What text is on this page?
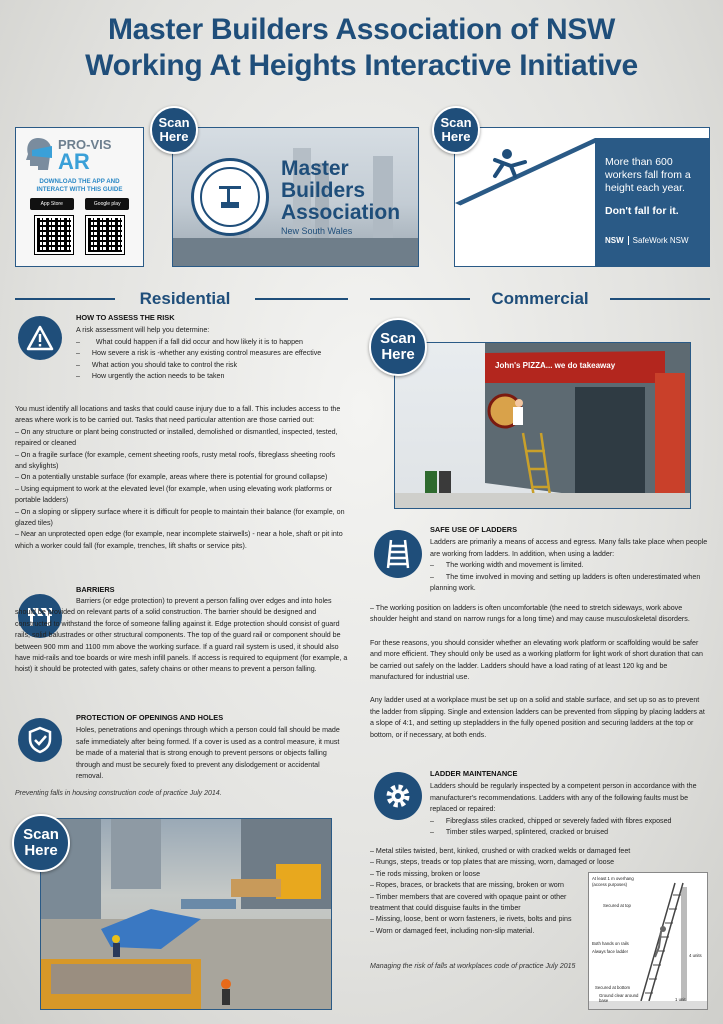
Master Builders Association of NSW
Working At Heights Interactive Initiative
PRO-VIS
AR
DOWNLOAD THE APP AND INTERACT WITH THIS GUIDE
App Store	Google play
Scan Here
Master
Builders
Association
New South Wales
Scan Here
More than 600 workers fall from a height each year.
Don't fall for it.
NSW	SafeWork NSW
Residential	Commercial
HOW TO ASSESS THE RISK

A risk assessment will help you determine:

– What could happen if a fall did occur and how likely it is to happen

– How severe a risk is -whether any existing control measures are effective

– What action you should take to control the risk

– How urgently the action needs to be taken

You must identify all locations and tasks that could cause injury due to a fall. This includes access to the areas where work is to be carried out. Tasks that need particular attention are those carried out:

– On any structure or plant being constructed or installed, demolished or dismantled, inspected, tested, repaired or cleaned

– On a fragile surface (for example, cement sheeting roofs, rusty metal roofs, fibreglass sheeting roofs and skylights)

– On a potentially unstable surface (for example, areas where there is potential for ground collapse)

– Using equipment to work at the elevated level (for example, when using elevating work platforms or portable ladders)

– On a sloping or slippery surface where it is difficult for people to maintain their balance (for example, on glazed tiles)

– Near an unprotected open edge (for example, near incomplete stairwells) - near a hole, shaft or pit into which a worker could fall (for example, trenches, lift shafts or service pits).

BARRIERS
Barriers (or edge protection) to prevent a person falling over edges and into holes should be provided on relevant parts of a solid construction. The barrier should be designed and constructed to withstand the force of someone falling against it. Edge protection should consist of guard rails, solid balustrades or other structural components. The top of the guard rail or component should be between 900 mm and 1100 mm above the working surface. If a guard rail system is used, it should also have mid-rails and toe boards or wire mesh infill panels. If access is required to equipment (for example, a hoist) it should be protected with gates, safety chains or other means to prevent a person falling.
PROTECTION OF OPENINGS AND HOLES

Holes, penetrations and openings through which a person could fall should be made safe immediately after being formed. If a cover is used as a control measure, it must be made of a material that is strong enough to prevent persons or objects falling through and must be securely fixed to prevent any dislodgement or accidental removal.

Preventing falls in housing construction code of practice July 2014.
Scan Here
Scan Here
John's PIZZA... we do takeaway
SAFE USE OF LADDERS

Ladders are primarily a means of access and egress. Many falls take place when people are working from ladders. In addition, when using a ladder:

– The working width and movement is limited.

– The time involved in moving and setting up ladders is often underestimated when planning work.

– The working position on ladders is often uncomfortable (the need to stretch sideways, work above shoulder height and stand on narrow rungs for a long time) and may cause musculoskeletal disorders.

For these reasons, you should consider whether an elevating work platform or scaffolding would be safer and more efficient. They should only be used as a working platform for light work of short duration that can be carried out safely on the ladder. Ladders should have a load rating of at least 120 kg and be manufactured for industrial use.

Any ladder used at a workplace must be set up on a solid and stable surface, and set up so as to prevent the ladder from slipping. Single and extension ladders can be prevented from slipping by placing ladders at a slope of 4:1, and setting up stepladders in the fully opened position and securing ladders at the top or bottom, or if necessary, at both ends.

LADDER MAINTENANCE

Ladders should be regularly inspected by a competent person in accordance with the manufacturer's recommendations. Ladders with any of the following faults must be replaced or repaired:

– Fibreglass stiles cracked, chipped or severely faded with fibres exposed

– Timber stiles warped, splintered, cracked or bruised

– Metal stiles twisted, bent, kinked, crushed or with cracked welds or damaged feet

– Rungs, steps, treads or top plates that are missing, worn, damaged or loose

– Tie rods missing, broken or loose

– Ropes, braces, or brackets that are missing, broken or worn

– Timber members that are covered with opaque paint or other treatment that could disguise faults in the timber

– Missing, loose, bent or worn fasteners, ie rivets, bolts and pins

– Worn or damaged feet, including non-slip material.

Managing the risk of falls at workplaces code of practice July 2015
At least 1 m overhang (access purposes)
Secured at top
Both hands on rails
Always face ladder
4 units
Secured at bottom
Ground clear around base	1 unit
